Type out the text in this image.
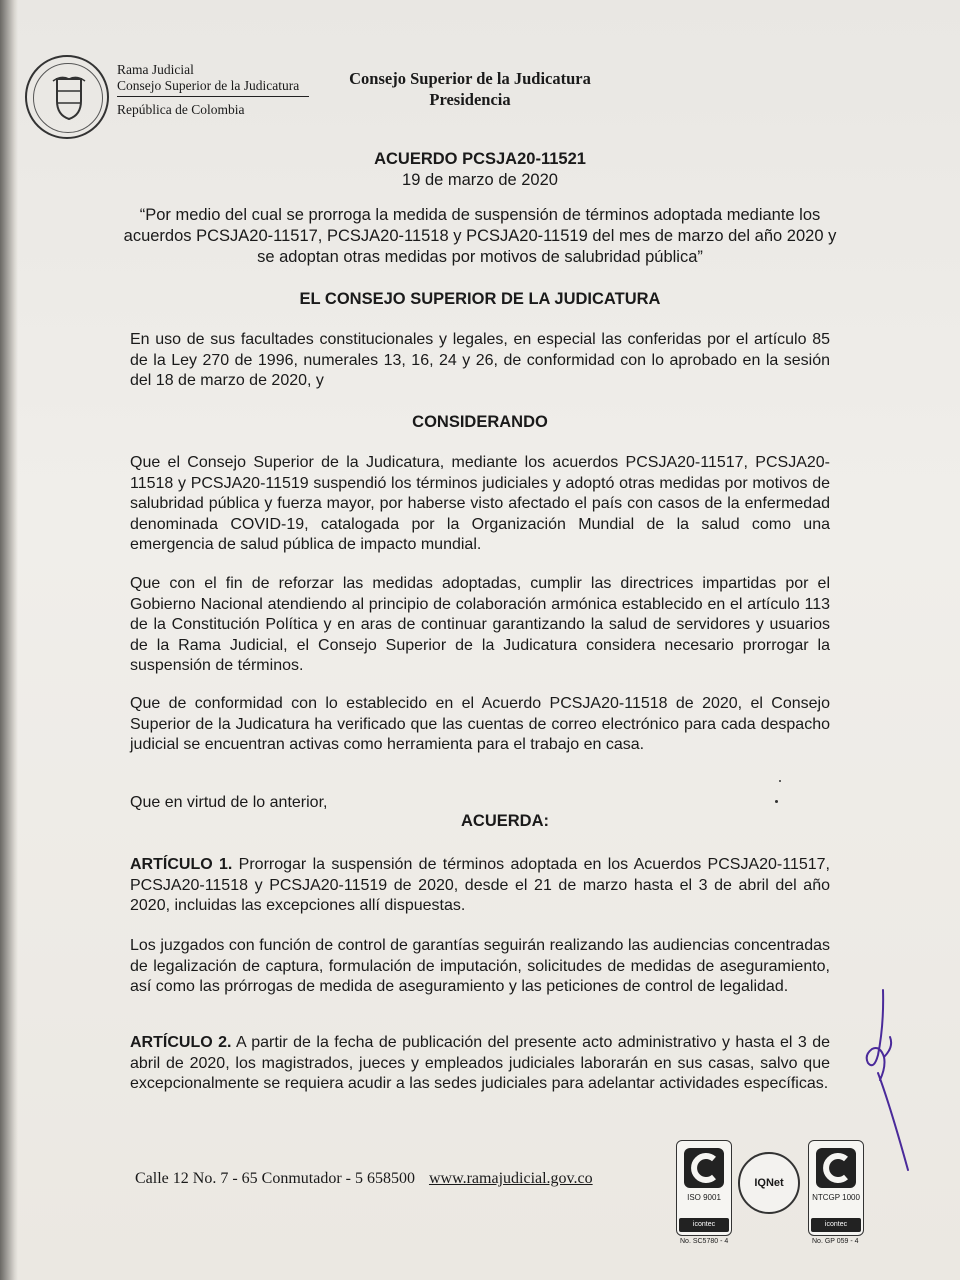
Rama Judicial
Consejo Superior de la Judicatura
República de Colombia
Consejo Superior de la Judicatura
Presidencia
ACUERDO PCSJA20-11521
19 de marzo de 2020
“Por medio del cual se prorroga la medida de suspensión de términos adoptada mediante los acuerdos PCSJA20-11517, PCSJA20-11518 y PCSJA20-11519 del mes de marzo del año 2020 y se adoptan otras medidas por motivos de salubridad pública”
EL CONSEJO SUPERIOR DE LA JUDICATURA
En uso de sus facultades constitucionales y legales, en especial las conferidas por el artículo 85 de la Ley 270 de 1996, numerales 13, 16, 24 y 26, de conformidad con lo aprobado en la sesión del 18 de marzo de 2020, y
CONSIDERANDO
Que el Consejo Superior de la Judicatura, mediante los acuerdos PCSJA20-11517, PCSJA20-11518 y PCSJA20-11519 suspendió los términos judiciales y adoptó otras medidas por motivos de salubridad pública y fuerza mayor, por haberse visto afectado el país con casos de la enfermedad denominada COVID-19, catalogada por la Organización Mundial de la salud como una emergencia de salud pública de impacto mundial.
Que con el fin de reforzar las medidas adoptadas, cumplir las directrices impartidas por el Gobierno Nacional atendiendo al principio de colaboración armónica establecido en el artículo 113 de la Constitución Política y en aras de continuar garantizando la salud de servidores y usuarios de la Rama Judicial, el Consejo Superior de la Judicatura considera necesario prorrogar la suspensión de términos.
Que de conformidad con lo establecido en el Acuerdo PCSJA20-11518 de 2020, el Consejo Superior de la Judicatura ha verificado que las cuentas de correo electrónico para cada despacho judicial se encuentran activas como herramienta para el trabajo en casa.
Que en virtud de lo anterior,
ACUERDA:
ARTÍCULO 1. Prorrogar la suspensión de términos adoptada en los Acuerdos PCSJA20-11517, PCSJA20-11518 y PCSJA20-11519 de 2020, desde el 21 de marzo hasta el 3 de abril del año 2020, incluidas las excepciones allí dispuestas.
Los juzgados con función de control de garantías seguirán realizando las audiencias concentradas de legalización de captura, formulación de imputación, solicitudes de medidas de aseguramiento, así como las prórrogas de medida de aseguramiento y las peticiones de control de legalidad.
ARTÍCULO 2. A partir de la fecha de publicación del presente acto administrativo y hasta el 3 de abril de 2020, los magistrados, jueces y empleados judiciales laborarán en sus casas, salvo que excepcionalmente se requiera acudir a las sedes judiciales para adelantar actividades específicas.
Calle 12 No. 7 - 65 Conmutador - 5 658500 www.ramajudicial.gov.co
ISO 9001
icontec
No. SC5780 - 4
IQNet
NTCGP 1000
icontec
No. GP 059 - 4
